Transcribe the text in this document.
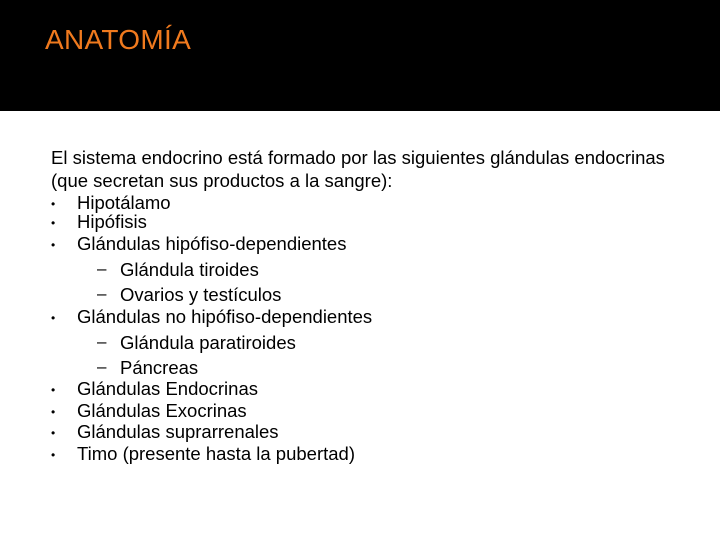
ANATOMÍA
El sistema endocrino está formado por las siguientes glándulas endocrinas (que secretan sus productos a la sangre):
• Hipotálamo
• Hipófisis
• Glándulas hipófiso-dependientes
– Glándula tiroides
– Ovarios y testículos
• Glándulas no hipófiso-dependientes
– Glándula paratiroides
– Páncreas
• Glándulas Endocrinas
• Glándulas Exocrinas
• Glándulas suprarrenales
• Timo (presente hasta la pubertad)
